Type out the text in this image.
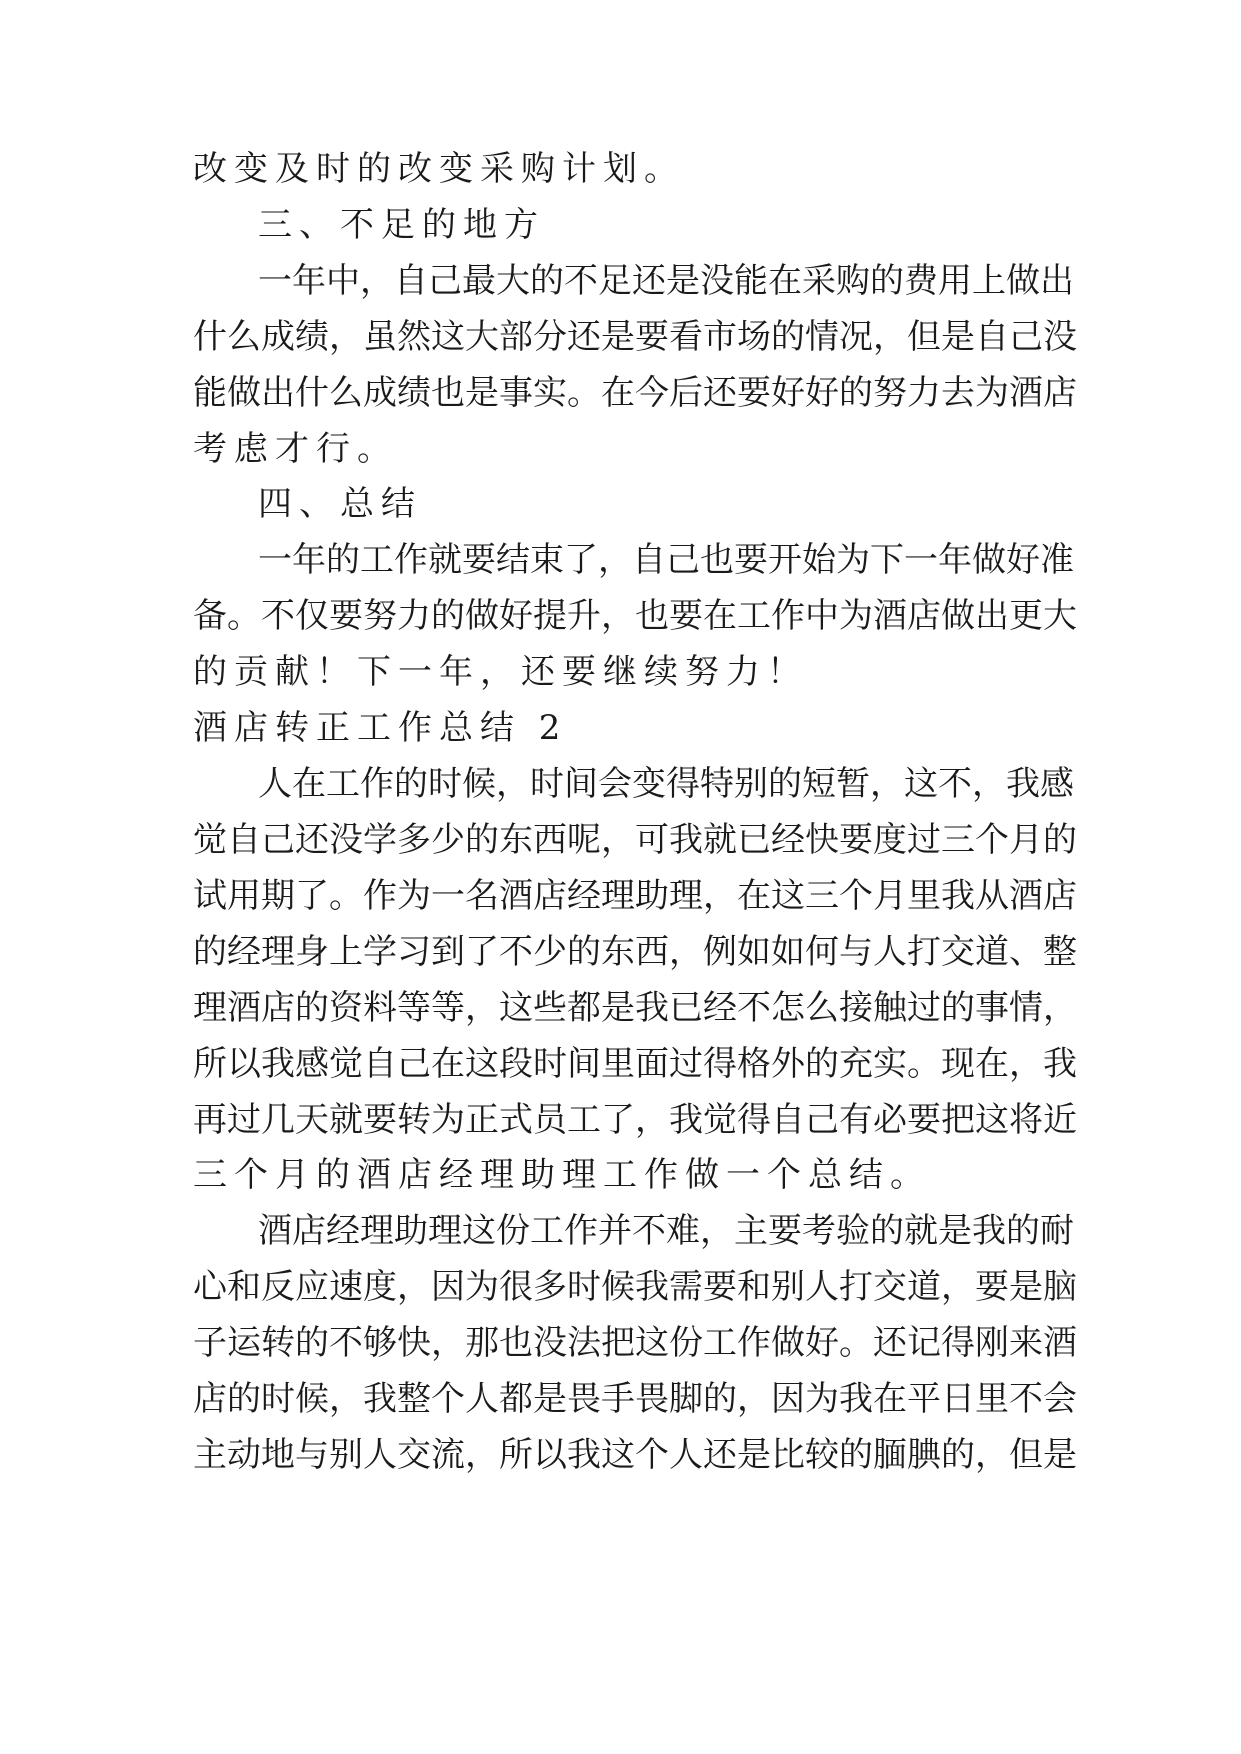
改变及时的改变采购计划。
三、不足的地方
一年中，自己最大的不足还是没能在采购的费用上做出
什么成绩，虽然这大部分还是要看市场的情况，但是自己没
能做出什么成绩也是事实。在今后还要好好的努力去为酒店
考虑才行。
四、总结
一年的工作就要结束了，自己也要开始为下一年做好准
备。不仅要努力的做好提升，也要在工作中为酒店做出更大
的贡献！下一年，还要继续努力！
酒店转正工作总结 2
人在工作的时候，时间会变得特别的短暂，这不，我感
觉自己还没学多少的东西呢，可我就已经快要度过三个月的
试用期了。作为一名酒店经理助理，在这三个月里我从酒店
的经理身上学习到了不少的东西，例如如何与人打交道、整
理酒店的资料等等，这些都是我已经不怎么接触过的事情，
所以我感觉自己在这段时间里面过得格外的充实。现在，我
再过几天就要转为正式员工了，我觉得自己有必要把这将近
三个月的酒店经理助理工作做一个总结。
酒店经理助理这份工作并不难，主要考验的就是我的耐
心和反应速度，因为很多时候我需要和别人打交道，要是脑
子运转的不够快，那也没法把这份工作做好。还记得刚来酒
店的时候，我整个人都是畏手畏脚的，因为我在平日里不会
主动地与别人交流，所以我这个人还是比较的腼腆的，但是
